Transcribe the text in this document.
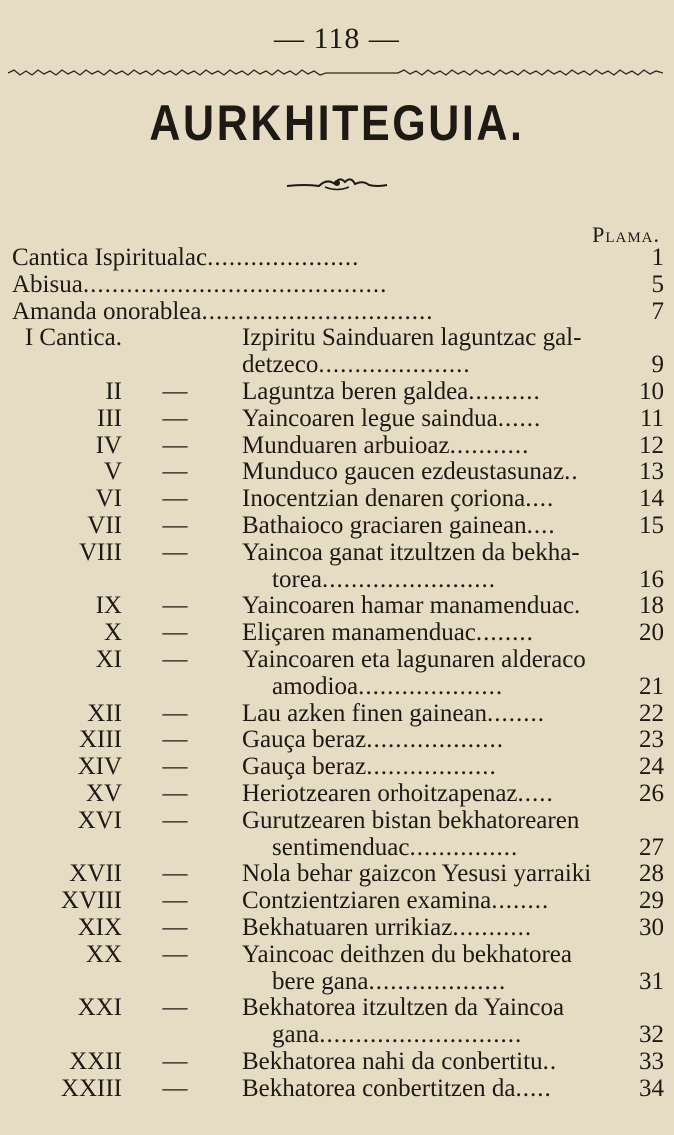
— 118 —
AURKHITEGUIA.
Plama.
Cantica Ispiritualac.....................	1
Abisua..........................................	5
Amanda onorablea................................	7
I Cantica.	Izpiritu Sainduaren laguntzac gal-
detzeco.....................	9
II — Laguntza beren galdea..........	10
III — Yaincoaren legue saindua......	11
IV — Munduaren arbuioaz...........	12
V — Munduco gaucen ezdeustasunaz..	13
VI — Inocentzian denaren çoriona....	14
VII — Bathaioco graciaren gainean....	15
VIII — Yaincoa ganat itzultzen da bekha-
torea........................	16
IX — Yaincoaren hamar manamenduac.	18
X — Eliçaren manamenduac........	20
XI — Yaincoaren eta lagunaren alderaco
amodioa....................	21
XII — Lau azken finen gainean........	22
XIII — Gauça beraz...................	23
XIV — Gauça beraz..................	24
XV — Heriotzearen orhoitzapenaz.....	26
XVI — Gurutzearen bistan bekhatorearen
sentimenduac...............	27
XVII — Nola behar gaizcon Yesusi yarraiki	28
XVIII — Contzientziaren examina........	29
XIX — Bekhatuaren urrikiaz...........	30
XX — Yaincoac deithzen du bekhatorea
bere gana...................	31
XXI — Bekhatorea itzultzen da Yaincoa
gana............................	32
XXII — Bekhatorea nahi da conbertitu..	33
XXIII — Bekhatorea conbertitzen da.....	34
